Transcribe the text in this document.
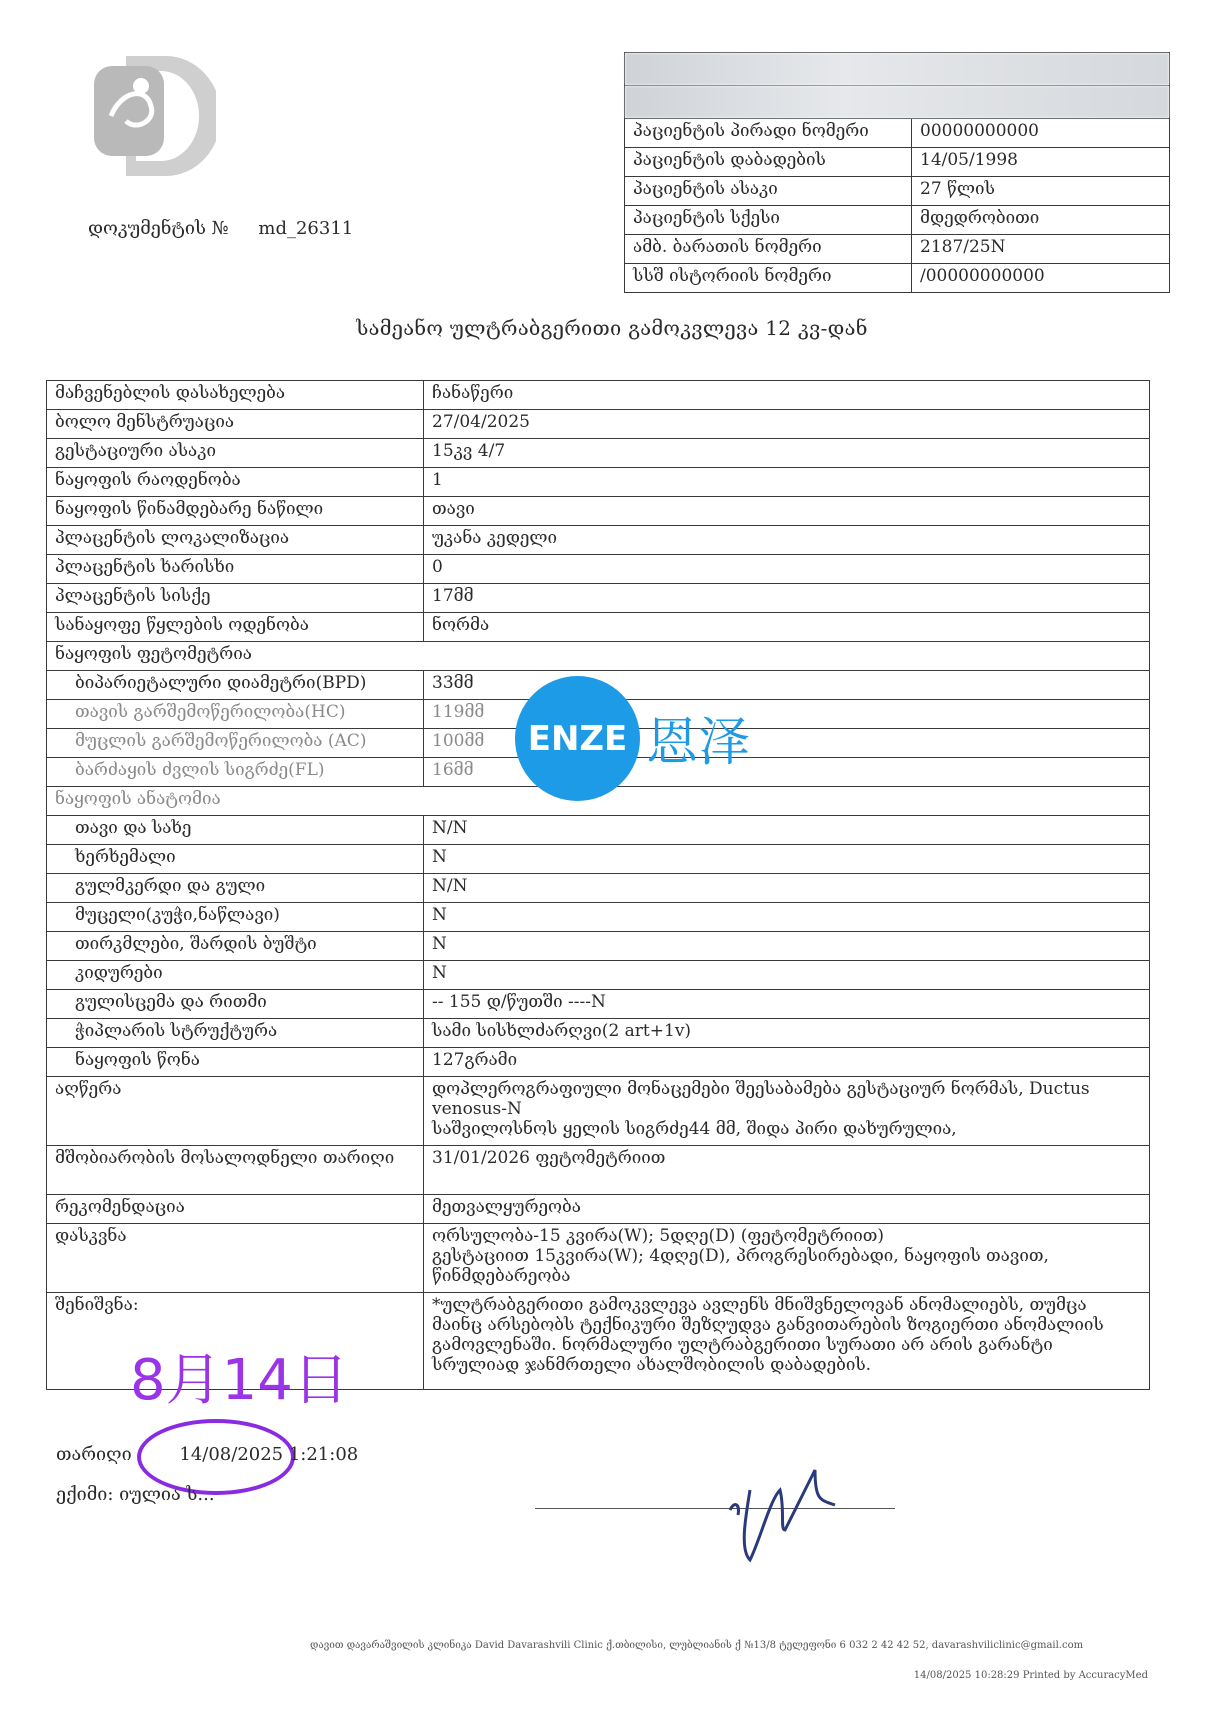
დოკუმენტის № md_26311

პაციენტის პირადი ნომერი	00000000000
პაციენტის დაბადების	14/05/1998
პაციენტის ასაკი	27 წლის
პაციენტის სქესი	მდედრობითი
ამბ. ბარათის ნომერი	2187/25N
სსშ ისტორიის ნომერი	/00000000000
სამეანო ულტრაბგერითი გამოკვლევა 12 კვ-დან
მაჩვენებლის დასახელება	ჩანაწერი
ბოლო მენსტრუაცია	27/04/2025
გესტაციური ასაკი	15კვ 4/7
ნაყოფის რაოდენობა	1
ნაყოფის წინამდებარე ნაწილი	თავი
პლაცენტის ლოკალიზაცია	უკანა კედელი
პლაცენტის ხარისხი	0
პლაცენტის სისქე	17მმ
სანაყოფე წყლების ოდენობა	ნორმა
ნაყოფის ფეტომეტრია	
ბიპარიეტალური დიამეტრი(BPD)	33მმ
თავის გარშემოწერილობა(HC)	119მმ
მუცლის გარშემოწერილობა (AC)	100მმ
ბარძაყის ძვლის სიგრძე(FL)	16მმ
ნაყოფის ანატომია	
თავი და სახე	N/N
ხერხემალი	N
გულმკერდი და გული	N/N
მუცელი(კუჭი,ნაწლავი)	N
თირკმლები, შარდის ბუშტი	N
კიდურები	N
გულისცემა და რითმი	-- 155 დ/წუთში ----N
ჭიპლარის სტრუქტურა	სამი სისხლძარღვი(2 art+1v)
ნაყოფის წონა	127გრამი
აღწერა	დოპლეროგრაფიული მონაცემები შეესაბამება გესტაციურ ნორმას, Ductus venosus-N
საშვილოსნოს ყელის სიგრძე44 მმ, შიდა პირი დახურულია,

მშობიარობის მოსალოდნელი თარიღი	31/01/2026 ფეტომეტრიით
რეკომენდაცია	მეთვალყურეობა
დასკვნა	ორსულობა-15 კვირა(W); 5დღე(D) (ფეტომეტრიით)
გესტაციით 15კვირა(W); 4დღე(D), პროგრესირებადი, ნაყოფის თავით, წინმდებარეობა

შენიშვნა:	*ულტრაბგერითი გამოკვლევა ავლენს მნიშვნელოვან ანომალიებს, თუმცა მაინც არსებობს ტექნიკური შეზღუდვა განვითარების ზოგიერთი ანომალიის გამოვლენაში. ნორმალური ულტრაბგერითი სურათი არ არის გარანტი სრულიად ჯანმრთელი ახალშობილის დაბადების.
ENZE 恩泽
8月14日
თარიღი	14/08/2025 1:21:08
ექიმი: იულია ს...
დავით დავარაშვილის კლინიკა David Davarashvili Clinic ქ.თბილისი, ლუბლიანის ქ №13/8 ტელეფონი 6 032 2 42 42 52, davarashviliclinic@gmail.com
14/08/2025 10:28:29 Printed by AccuracyMed
